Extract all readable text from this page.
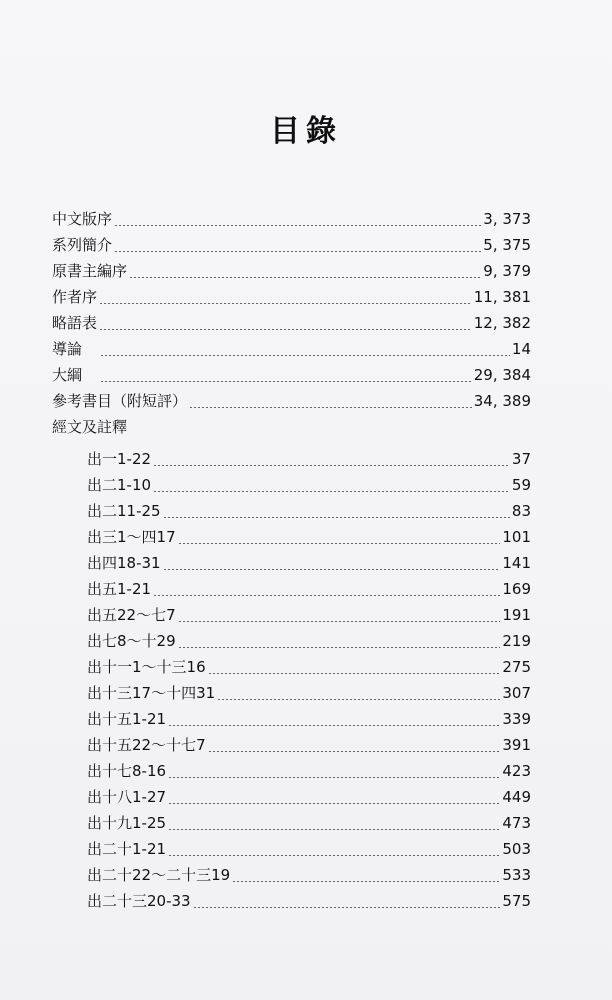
目錄
中文版序	3, 373
系列簡介	5, 375
原書主編序	9, 379
作者序	11, 381
略語表	12, 382
導論	14
大綱	29, 384
參考書目（附短評）	34, 389
經文及註釋
出一1-22	37
出二1-10	59
出二11-25	83
出三1～四17	101
出四18-31	141
出五1-21	169
出五22～七7	191
出七8～十29	219
出十一1～十三16	275
出十三17～十四31	307
出十五1-21	339
出十五22～十七7	391
出十七8-16	423
出十八1-27	449
出十九1-25	473
出二十1-21	503
出二十22～二十三19	533
出二十三20-33	575
